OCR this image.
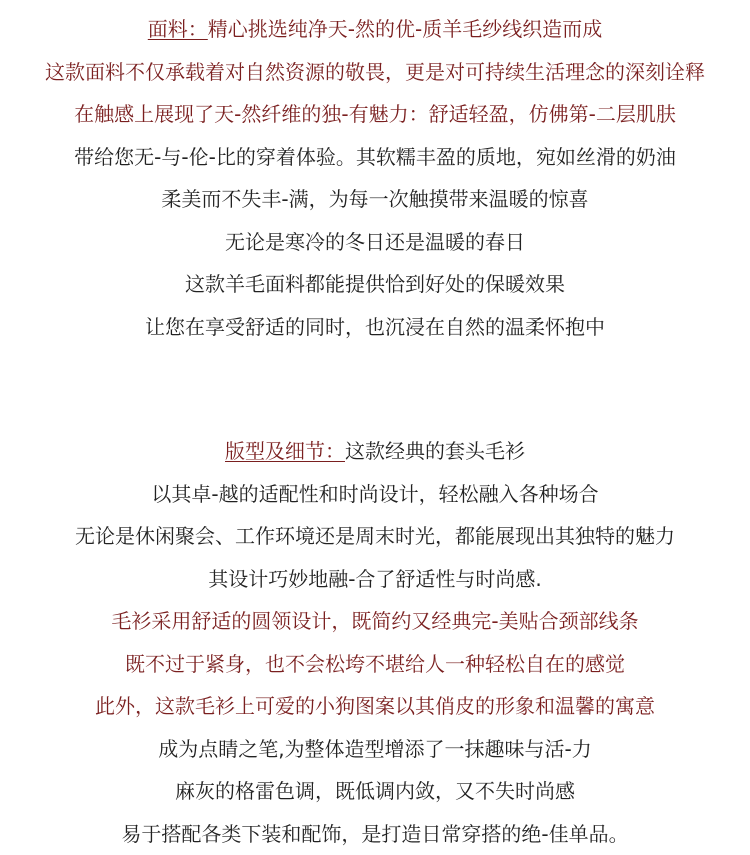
面料：精心挑选纯净天-然的优-质羊毛纱线织造而成
这款面料不仅承载着对自然资源的敬畏，更是对可持续生活理念的深刻诠释
在触感上展现了天-然纤维的独-有魅力：舒适轻盈，仿佛第-二层肌肤
带给您无-与-伦-比的穿着体验。其软糯丰盈的质地，宛如丝滑的奶油
柔美而不失丰-满，为每一次触摸带来温暖的惊喜
无论是寒冷的冬日还是温暖的春日
这款羊毛面料都能提供恰到好处的保暖效果
让您在享受舒适的同时，也沉浸在自然的温柔怀抱中
版型及细节：这款经典的套头毛衫
以其卓-越的适配性和时尚设计，轻松融入各种场合
无论是休闲聚会、工作环境还是周末时光，都能展现出其独特的魅力
其设计巧妙地融-合了舒适性与时尚感.
毛衫采用舒适的圆领设计，既简约又经典完-美贴合颈部线条
既不过于紧身，也不会松垮不堪给人一种轻松自在的感觉
此外，这款毛衫上可爱的小狗图案以其俏皮的形象和温馨的寓意
成为点睛之笔,为整体造型增添了一抹趣味与活-力
麻灰的格雷色调，既低调内敛，又不失时尚感
易于搭配各类下装和配饰，是打造日常穿搭的绝-佳单品。
